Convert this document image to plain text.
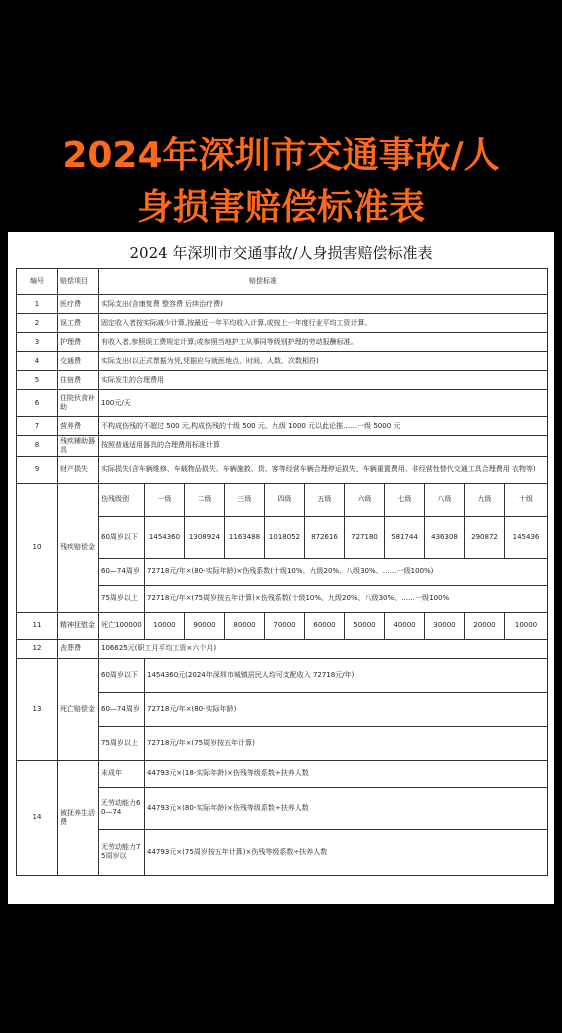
2024年深圳市交通事故/人
身损害赔偿标准表
2024 年深圳市交通事故/人身损害赔偿标准表
编号	赔偿项目	赔偿标准										
1	医疗费	实际支出(含康复费 整容费 后续治疗费)										
2	误工费	固定收入者按实际减少计算,按最近一年平均收入计算,或按上一年度行业平均工资计算。										
3	护理费	有收入者,参照误工费规定计算;或参照当地护工从事同等级别护理的劳动报酬标准。										
4	交通费	实际支出(以正式票据为凭,凭据应与就医地点、时间、人数、次数相符)										
5	住宿费	实际发生的合理费用										
6	住院伙食补助	100元/天										
7	营养费	不构成伤残的不超过 500 元,构成伤残的十级 500 元、九级 1000 元以此论推……一级 5000 元										
8	残疾辅助器具	按照普通适用器具的合理费用标准计算										
9	财产损失	实际损失(含车辆维修、车载物品损失、车辆施救、货、客等经营车辆合理停运损失、车辆重置费用、非经营性替代交通工具合理费用 衣物等)										
10	残疾赔偿金	伤残级别	一级	二级	三级	四级	五级	六级	七级	八级	九级	十级
		60周岁以下	1454360	1308924	1163488	1018052	872616	727180	581744	436308	290872	145436
		60—74周岁	72718元/年×(80-实际年龄)×伤残系数(十级10%、九级20%、八级30%、……一级100%)									
		75周岁以上	72718元/年×(75周岁按五年计算)×伤残系数(十级10%、九级20%、八级30%、……一级100%									
11	精神抚慰金	死亡100000	10000	90000	80000	70000	60000	50000	40000	30000	20000	10000
12	丧葬费	106625元(职工月平均工资×六个月)										
13	死亡赔偿金	60周岁以下	1454360元(2024年深圳市城镇居民人均可支配收入 72718元/年)									
		60—74周岁	72718元/年×(80-实际年龄)									
		75周岁以上	72718元/年×(75周岁按五年计算)									
14	被抚养生活费	未成年	44793元×(18-实际年龄)×伤残等级系数÷扶养人数									
		无劳动能力60—74	44793元×(80-实际年龄)×伤残等级系数÷扶养人数									
		无劳动能力75周岁以	44793元×(75周岁按五年计算)×伤残等级系数÷扶养人数									
